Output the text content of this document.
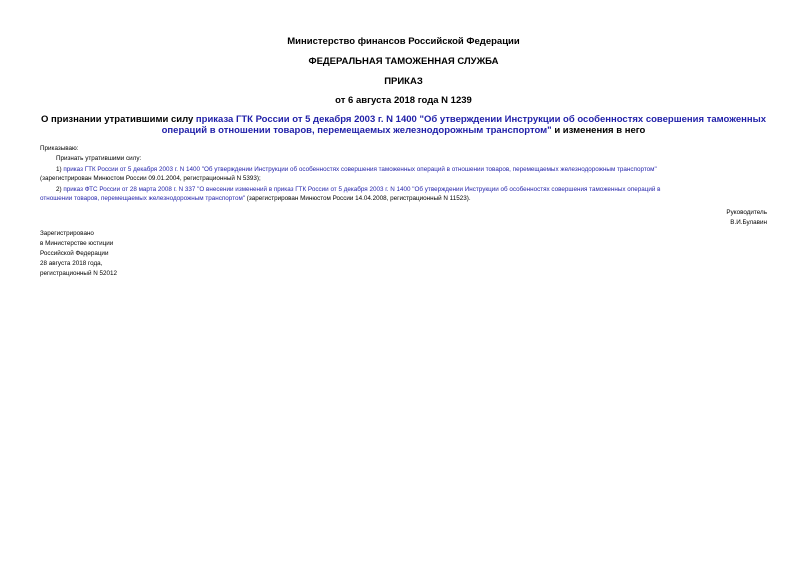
Министерство финансов Российской Федерации
ФЕДЕРАЛЬНАЯ ТАМОЖЕННАЯ СЛУЖБА
ПРИКАЗ
от 6 августа 2018 года N 1239
О признании утратившими силу приказа ГТК России от 5 декабря 2003 г. N 1400 "Об утверждении Инструкции об особенностях совершения таможенных операций в отношении товаров, перемещаемых железнодорожным транспортом" и изменения в него
Приказываю:
Признать утратившими силу:
1) приказ ГТК России от 5 декабря 2003 г. N 1400 "Об утверждении Инструкции об особенностях совершения таможенных операций в отношении товаров, перемещаемых железнодорожным транспортом"
(зарегистрирован Минюстом России 09.01.2004, регистрационный N 5393);
2) приказ ФТС России от 28 марта 2008 г. N 337 "О внесении изменений в приказ ГТК России от 5 декабря 2003 г. N 1400 "Об утверждении Инструкции об особенностях совершения таможенных операций в
отношении товаров, перемещаемых железнодорожным транспортом" (зарегистрирован Минюстом России 14.04.2008, регистрационный N 11523).
Руководитель
В.И.Булавин
Зарегистрировано
в Министерстве юстиции
Российской Федерации
28 августа 2018 года,
регистрационный N 52012
